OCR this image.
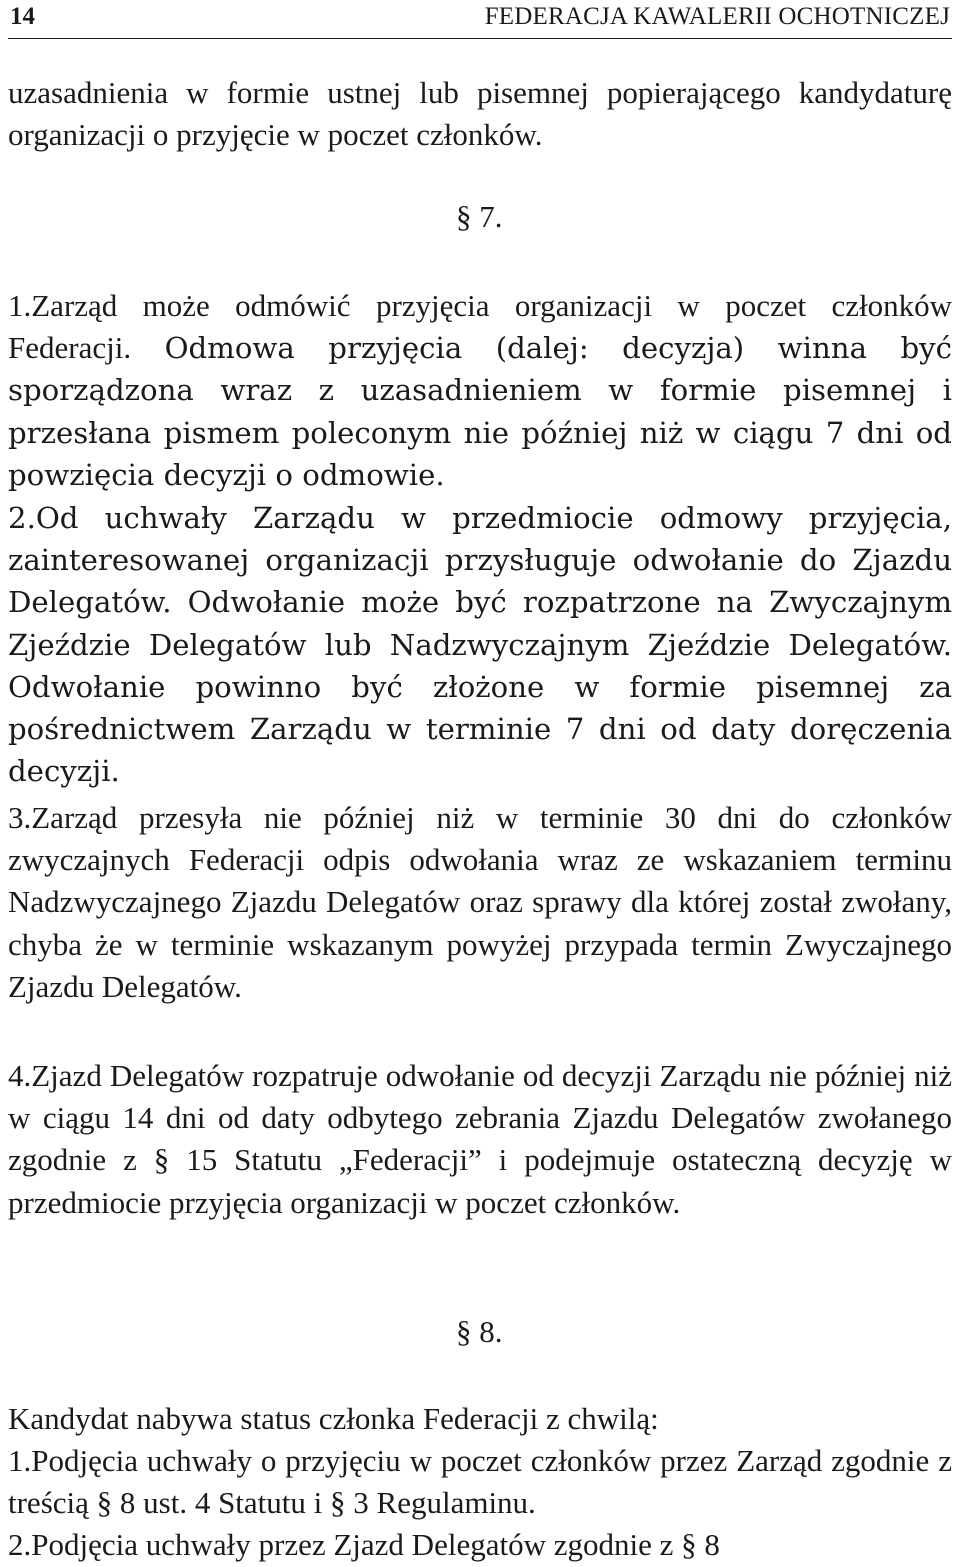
14	FEDERACJA KAWALERII OCHOTNICZEJ

uzasadnienia w formie ustnej lub pisemnej popierającego kandydaturę organizacji o przyjęcie w poczet członków.

§ 7.

1.Zarząd może odmówić przyjęcia organizacji w poczet członków Federacji. Odmowa przyjęcia (dalej: decyzja) winna być sporządzona wraz z uzasadnieniem w formie pisemnej i przesłana pismem poleconym nie później niż w ciągu 7 dni od powzięcia decyzji o odmowie.

2.Od uchwały Zarządu w przedmiocie odmowy przyjęcia, zainteresowanej organizacji przysługuje odwołanie do Zjazdu Delegatów. Odwołanie może być rozpatrzone na Zwyczajnym Zjeździe Delegatów lub Nadzwyczajnym Zjeździe Delegatów. Odwołanie powinno być złożone w formie pisemnej za pośrednictwem Zarządu w terminie 7 dni od daty doręczenia decyzji.

3.Zarząd przesyła nie później niż w terminie 30 dni do członków zwyczajnych Federacji odpis odwołania wraz ze wskazaniem terminu Nadzwyczajnego Zjazdu Delegatów oraz sprawy dla której został zwołany, chyba że w terminie wskazanym powyżej przypada termin Zwyczajnego Zjazdu Delegatów.

4.Zjazd Delegatów rozpatruje odwołanie od decyzji Zarządu nie później niż w ciągu 14 dni od daty odbytego zebrania Zjazdu Delegatów zwołanego zgodnie z § 15 Statutu „Federacji” i podejmuje ostateczną decyzję w przedmiocie przyjęcia organizacji w poczet członków.

§ 8.

Kandydat nabywa status członka Federacji z chwilą:

1.Podjęcia uchwały o przyjęciu w poczet członków przez Zarząd zgodnie z treścią § 8 ust. 4 Statutu i § 3 Regulaminu.

2.Podjęcia uchwały przez Zjazd Delegatów zgodnie z § 8
